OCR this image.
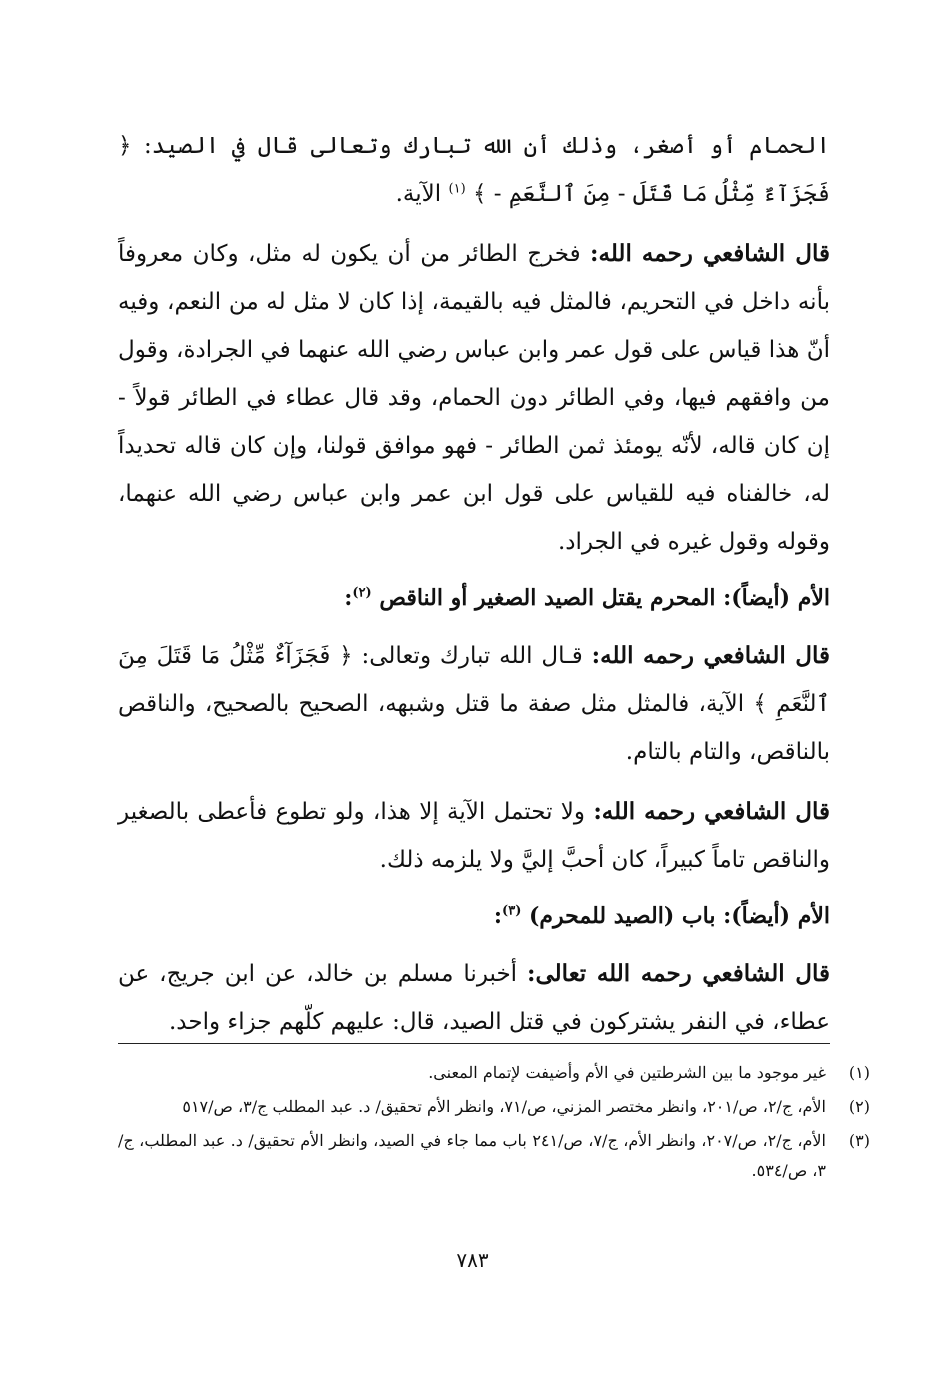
الحمام أو أصغر، وذلك أن الله تبارك وتعالى قال في الصيد: ﴿ فَجَزَآءٌ مِّثْلُ مَا قَتَلَ - مِنَ ٱلنَّعَمِ - ﴾ $^{(١)}$ الآية.

قال الشافعي رحمه الله: فخرج الطائر من أن يكون له مثل، وكان معروفاً بأنه داخل في التحريم، فالمثل فيه بالقيمة، إذا كان لا مثل له من النعم، وفيه أنّ هذا قياس على قول عمر وابن عباس رضي الله عنهما في الجرادة، وقول من وافقهم فيها، وفي الطائر دون الحمام، وقد قال عطاء في الطائر قولاً - إن كان قاله، لأنّه يومئذ ثمن الطائر - فهو موافق قولنا، وإن كان قاله تحديداً له، خالفناه فيه للقياس على قول ابن عمر وابن عباس رضي الله عنهما، وقوله وقول غيره في الجراد.

الأم (أيضاً): المحرم يقتل الصيد الصغير أو الناقص $^{(٢)}$:

قال الشافعي رحمه الله: قـال الله تبارك وتعالى: ﴿ فَجَزَآءٌ مِّثْلُ مَا قَتَلَ مِنَ ٱلنَّعَمِ ﴾ الآية، فالمثل مثل صفة ما قتل وشبهه، الصحيح بالصحيح، والناقص بالناقص، والتام بالتام.

قال الشافعي رحمه الله: ولا تحتمل الآية إلا هذا، ولو تطوع فأعطى بالصغير والناقص تاماً كبيراً، كان أحبَّ إليَّ ولا يلزمه ذلك.

الأم (أيضاً): باب (الصيد للمحرم) $^{(٣)}$:

قال الشافعي رحمه الله تعالى: أخبرنا مسلم بن خالد، عن ابن جريج، عن عطاء، في النفر يشتركون في قتل الصيد، قال: عليهم كلّهم جزاء واحد.

(١)
غير موجود ما بين الشرطتين في الأم وأضيفت لإتمام المعنى.
(٢)
الأم، ج/٢، ص/٢٠١، وانظر مختصر المزني، ص/٧١، وانظر الأم تحقيق/ د. عبد المطلب ج/٣، ص/٥١٧
(٣)
الأم، ج/٢، ص/٢٠٧، وانظر الأم، ج/٧، ص/٢٤١ باب مما جاء في الصيد، وانظر الأم تحقيق/ د. عبد المطلب، ج/٣، ص/٥٣٤.
٧٨٣
